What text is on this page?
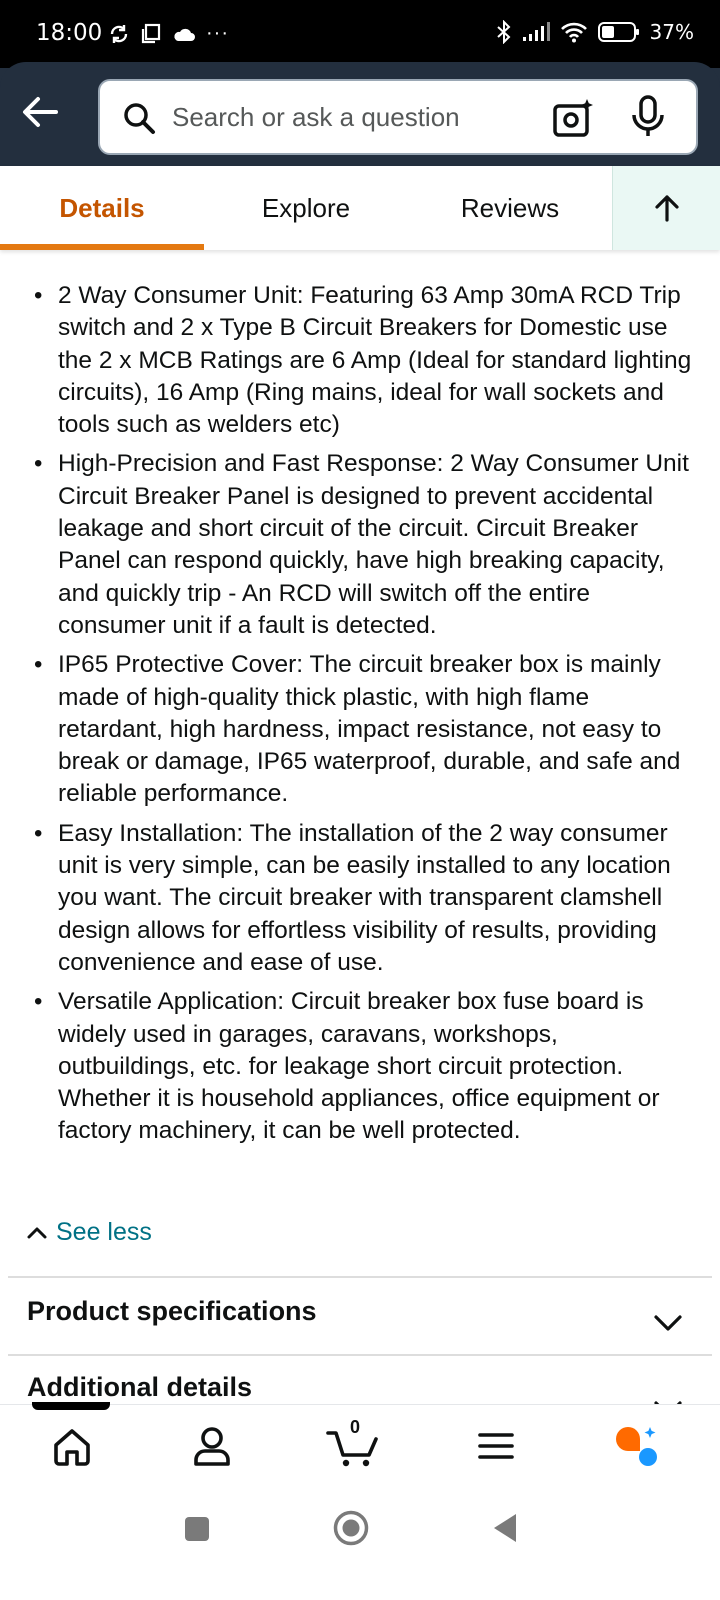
18:00	···	37%
Search or ask a question
Details	Explore	Reviews
• 2 Way Consumer Unit: Featuring 63 Amp 30mA RCD Trip switch and 2 x Type B Circuit Breakers for Domestic use the 2 x MCB Ratings are 6 Amp (Ideal for standard lighting circuits), 16 Amp (Ring mains, ideal for wall sockets and tools such as welders etc)
• High-Precision and Fast Response: 2 Way Consumer Unit Circuit Breaker Panel is designed to prevent accidental leakage and short circuit of the circuit. Circuit Breaker Panel can respond quickly, have high breaking capacity, and quickly trip - An RCD will switch off the entire consumer unit if a fault is detected.
• IP65 Protective Cover: The circuit breaker box is mainly made of high-quality thick plastic, with high flame retardant, high hardness, impact resistance, not easy to break or damage, IP65 waterproof, durable, and safe and reliable performance.
• Easy Installation: The installation of the 2 way consumer unit is very simple, can be easily installed to any location you want. The circuit breaker with transparent clamshell design allows for effortless visibility of results, providing convenience and ease of use.
• Versatile Application: Circuit breaker box fuse board is widely used in garages, caravans, workshops, outbuildings, etc. for leakage short circuit protection. Whether it is household appliances, office equipment or factory machinery, it can be well protected.
See less
Product specifications
Additional details
0
